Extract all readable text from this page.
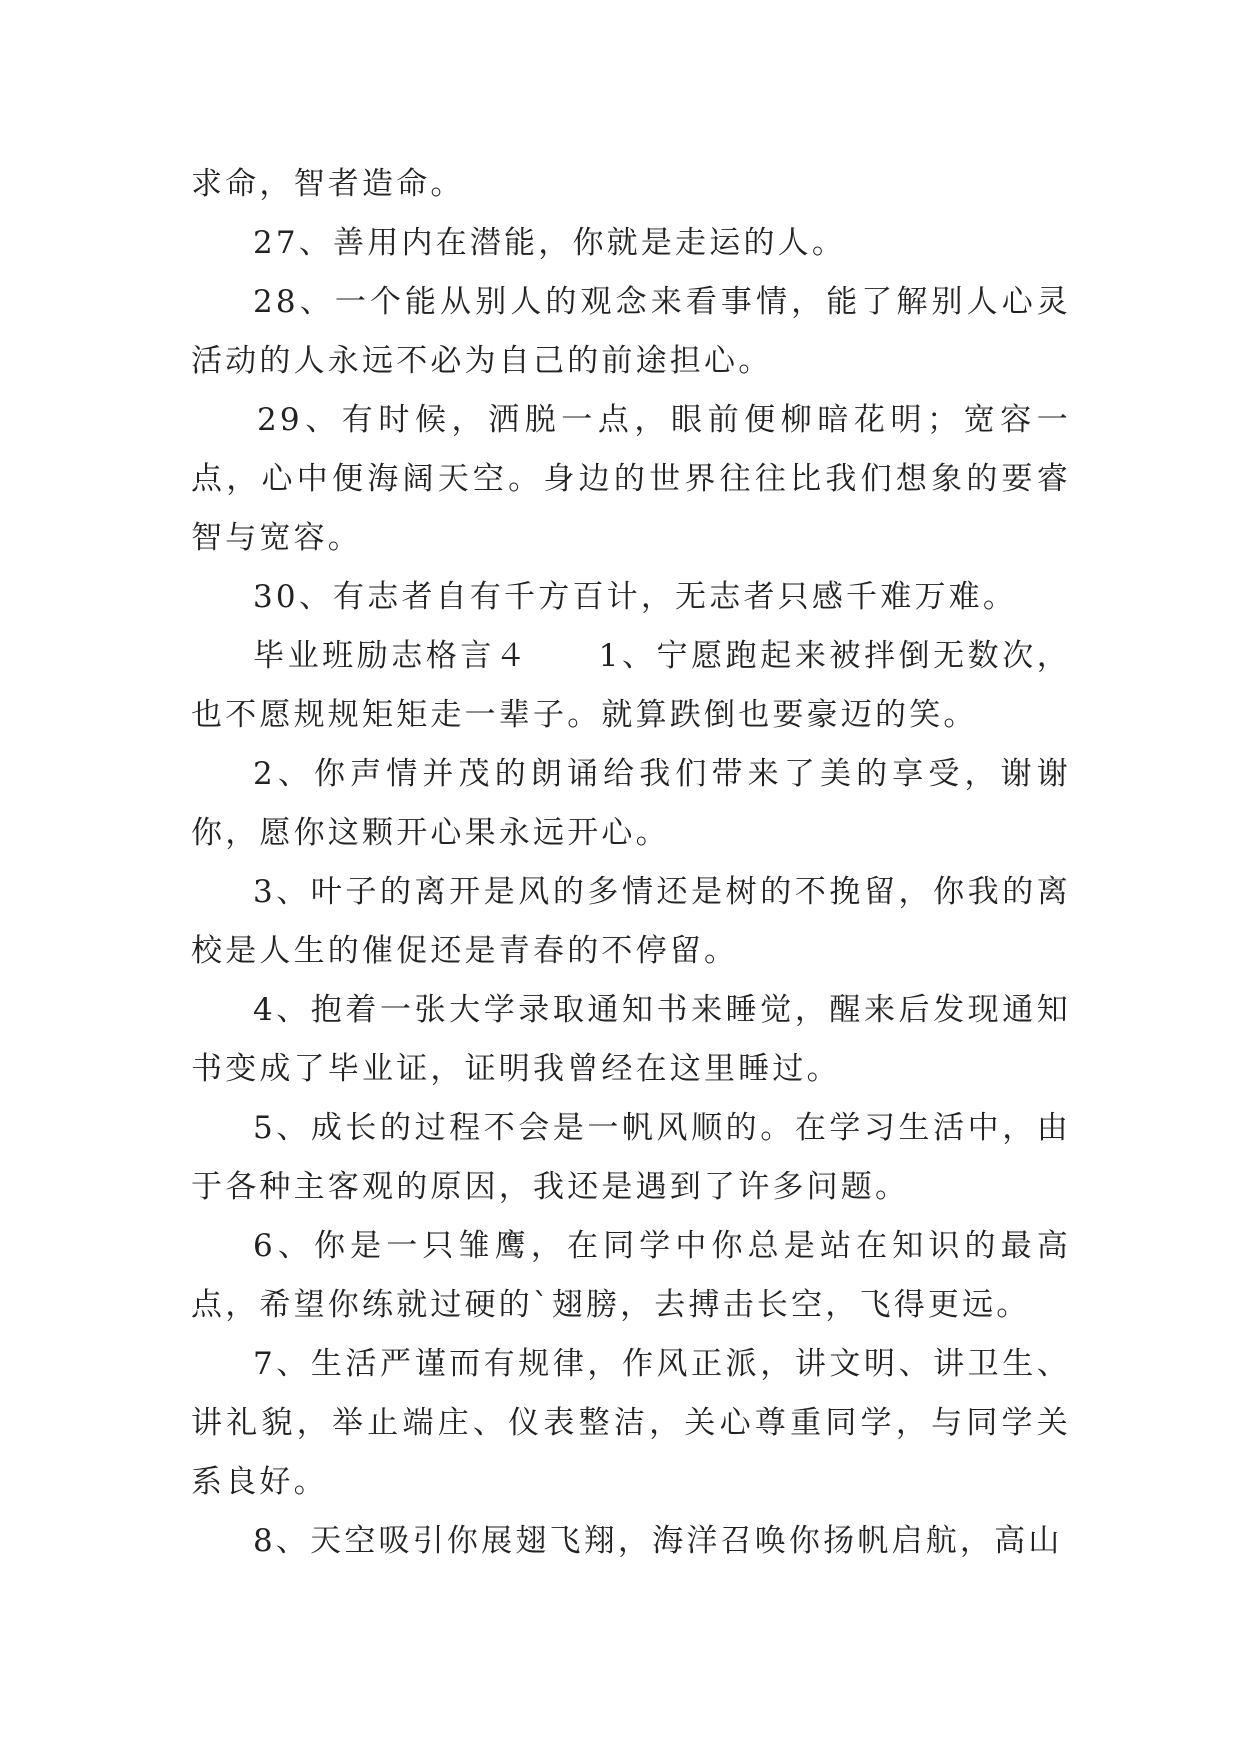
求命，智者造命。

27、善用内在潜能，你就是走运的人。

28、一个能从别人的观念来看事情，能了解别人心灵活动的人永远不必为自己的前途担心。

29、有时候，洒脱一点，眼前便柳暗花明；宽容一点，心中便海阔天空。身边的世界往往比我们想象的要睿智与宽容。

30、有志者自有千方百计，无志者只感千难万难。

毕业班励志格言４　　1、宁愿跑起来被拌倒无数次，也不愿规规矩矩走一辈子。就算跌倒也要豪迈的笑。

2、你声情并茂的朗诵给我们带来了美的享受，谢谢你，愿你这颗开心果永远开心。

3、叶子的离开是风的多情还是树的不挽留，你我的离校是人生的催促还是青春的不停留。

4、抱着一张大学录取通知书来睡觉，醒来后发现通知书变成了毕业证，证明我曾经在这里睡过。

5、成长的过程不会是一帆风顺的。在学习生活中，由于各种主客观的原因，我还是遇到了许多问题。

6、你是一只雏鹰，在同学中你总是站在知识的最高点，希望你练就过硬的`翅膀，去搏击长空，飞得更远。

7、生活严谨而有规律，作风正派，讲文明、讲卫生、讲礼貌，举止端庄、仪表整洁，关心尊重同学，与同学关系良好。

8、天空吸引你展翅飞翔，海洋召唤你扬帆启航，高山
